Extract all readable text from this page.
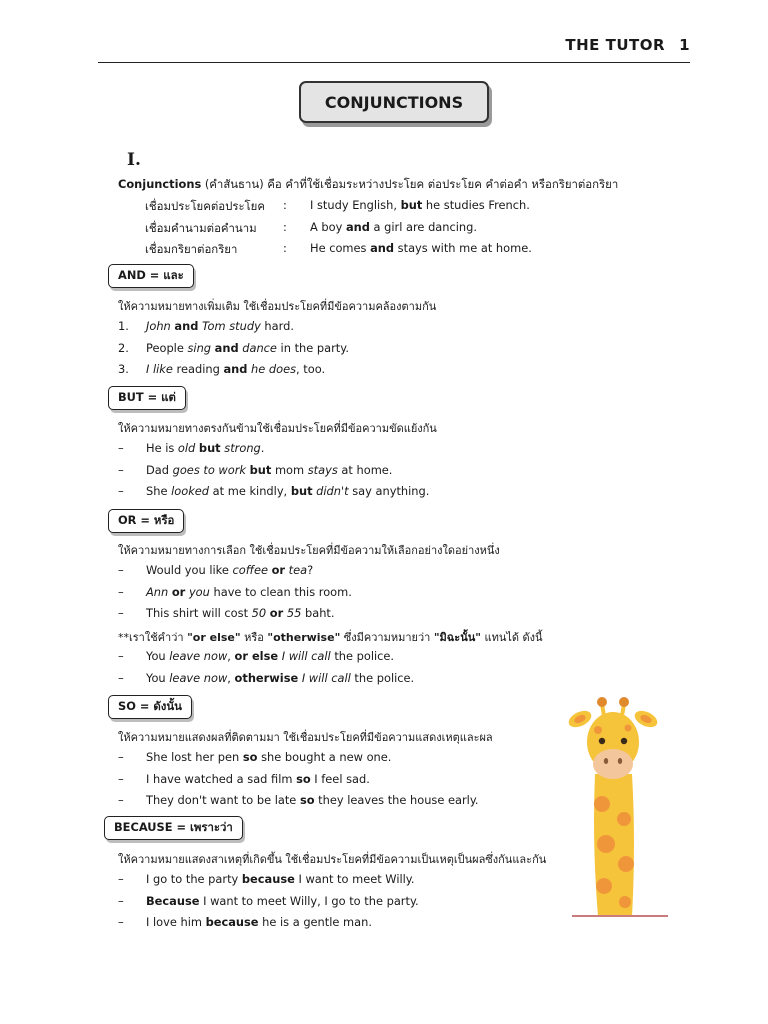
THE TUTOR 1
CONJUNCTIONS
I.
Conjunctions (คำสันธาน) คือ คำที่ใช้เชื่อมระหว่างประโยค ต่อประโยค คำต่อคำ หรือกริยาต่อกริยา
เชื่อมประโยคต่อประโยค : I study English, but he studies French.
เชื่อมคำนามต่อคำนาม : A boy and a girl are dancing.
เชื่อมกริยาต่อกริยา	: He comes and stays with me at home.
AND = และ
ให้ความหมายทางเพิ่มเติม ใช้เชื่อมประโยคที่มีข้อความคล้องตามกัน
1. John and Tom study hard.
2. People sing and dance in the party.
3. I like reading and he does, too.
BUT = แต่
ให้ความหมายทางตรงกันข้ามใช้เชื่อมประโยคที่มีข้อความขัดแย้งกัน
– He is old but strong.
– Dad goes to work but mom stays at home.
– She looked at me kindly, but didn't say anything.
OR = หรือ
ให้ความหมายทางการเลือก ใช้เชื่อมประโยคที่มีข้อความให้เลือกอย่างใดอย่างหนึ่ง
– Would you like coffee or tea?
– Ann or you have to clean this room.
– This shirt will cost 50 or 55 baht.
**เราใช้คำว่า "or else" หรือ "otherwise" ซึ่งมีความหมายว่า "มิฉะนั้น" แทนได้ ดังนี้
– You leave now, or else I will call the police.
– You leave now, otherwise I will call the police.
SO = ดังนั้น
ให้ความหมายแสดงผลที่ติดตามมา ใช้เชื่อมประโยคที่มีข้อความแสดงเหตุและผล
– She lost her pen so she bought a new one.
– I have watched a sad film so I feel sad.
– They don't want to be late so they leaves the house early.
BECAUSE = เพราะว่า
ให้ความหมายแสดงสาเหตุที่เกิดขึ้น ใช้เชื่อมประโยคที่มีข้อความเป็นเหตุเป็นผลซึ่งกันและกัน
– I go to the party because I want to meet Willy.
– Because I want to meet Willy, I go to the party.
– I love him because he is a gentle man.
